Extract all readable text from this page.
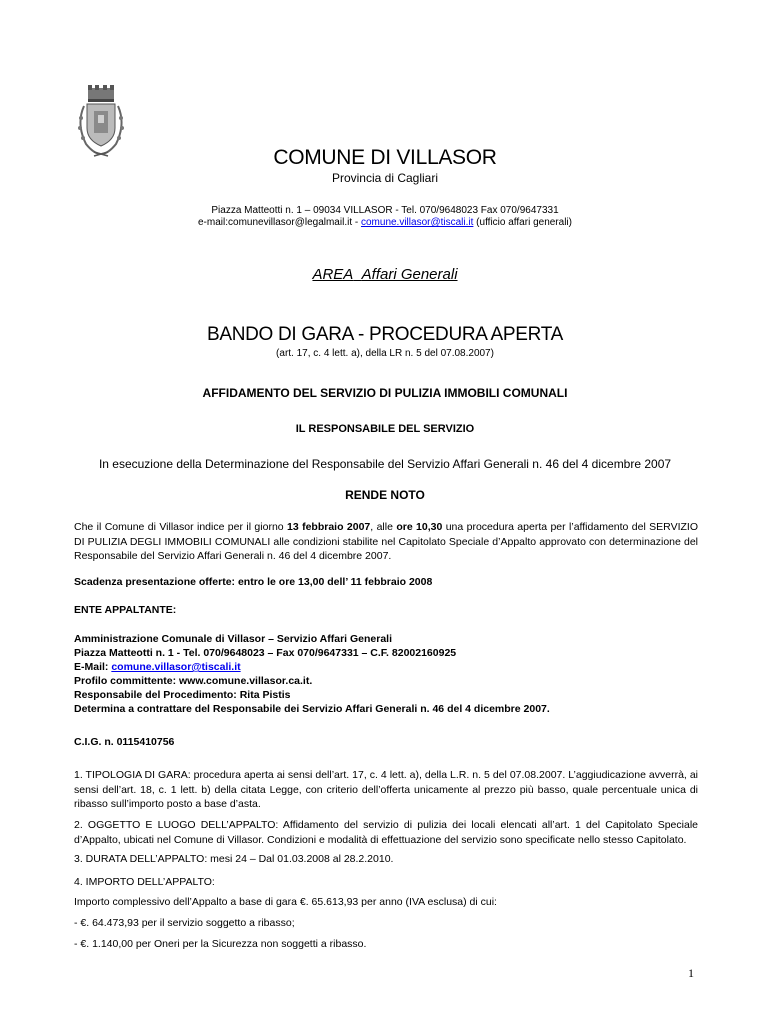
COMUNE DI VILLASOR
Provincia di Cagliari
Piazza Matteotti n. 1 – 09034 VILLASOR - Tel. 070/9648023 Fax 070/9647331
e-mail:comunevillasor@legalmail.it - comune.villasor@tiscali.it (ufficio affari generali)
AREA Affari Generali
BANDO DI GARA - PROCEDURA APERTA
(art. 17, c. 4 lett. a), della LR n. 5 del 07.08.2007)
AFFIDAMENTO DEL SERVIZIO DI PULIZIA IMMOBILI COMUNALI
IL RESPONSABILE DEL SERVIZIO
In esecuzione della Determinazione del Responsabile del Servizio Affari Generali n. 46 del 4 dicembre 2007
RENDE NOTO
Che il Comune di Villasor indice per il giorno 13 febbraio 2007, alle ore 10,30 una procedura aperta per l’affidamento del SERVIZIO DI PULIZIA DEGLI IMMOBILI COMUNALI alle condizioni stabilite nel Capitolato Speciale d’Appalto approvato con determinazione del Responsabile del Servizio Affari Generali n. 46 del 4 dicembre 2007.
Scadenza presentazione offerte: entro le ore 13,00 dell’ 11 febbraio 2008
ENTE APPALTANTE:
Amministrazione Comunale di Villasor – Servizio Affari Generali
Piazza Matteotti n. 1 - Tel. 070/9648023 – Fax 070/9647331 – C.F. 82002160925
E-Mail: comune.villasor@tiscali.it
Profilo committente: www.comune.villasor.ca.it.
Responsabile del Procedimento: Rita Pistis
Determina a contrattare del Responsabile dei Servizio Affari Generali n. 46 del 4 dicembre 2007.
C.I.G. n. 0115410756
1. TIPOLOGIA DI GARA: procedura aperta ai sensi dell’art. 17, c. 4 lett. a), della L.R. n. 5 del 07.08.2007. L’aggiudicazione avverrà, ai sensi dell’art. 18, c. 1 lett. b) della citata Legge, con criterio dell’offerta unicamente al prezzo più basso, quale percentuale unica di ribasso sull’importo posto a base d’asta.
2. OGGETTO E LUOGO DELL’APPALTO: Affidamento del servizio di pulizia dei locali elencati all’art. 1 del Capitolato Speciale d’Appalto, ubicati nel Comune di Villasor. Condizioni e modalità di effettuazione del servizio sono specificate nello stesso Capitolato.
3. DURATA DELL’APPALTO: mesi 24 – Dal 01.03.2008 al 28.2.2010.
4. IMPORTO DELL’APPALTO:
Importo complessivo dell’Appalto a base di gara €. 65.613,93 per anno (IVA esclusa) di cui:
- €. 64.473,93 per il servizio soggetto a ribasso;
- €. 1.140,00 per Oneri per la Sicurezza non soggetti a ribasso.
1
